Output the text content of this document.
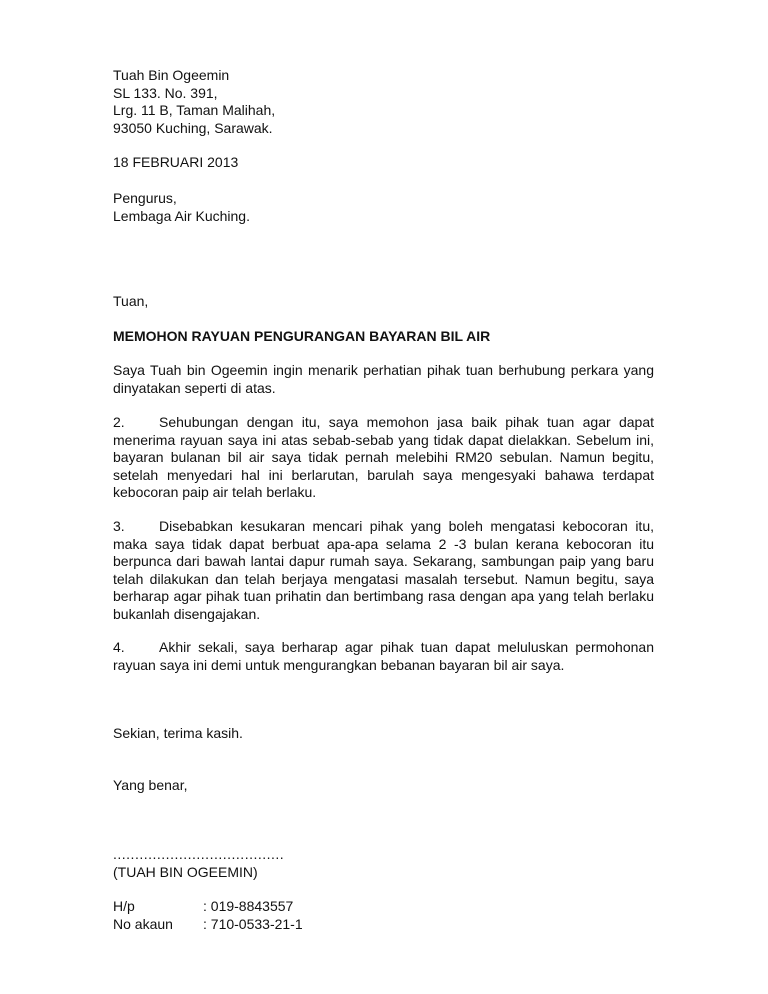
Tuah Bin Ogeemin
SL 133. No. 391,
Lrg. 11 B, Taman Malihah,
93050 Kuching, Sarawak.
18 FEBRUARI 2013
Pengurus,
Lembaga Air Kuching.
Tuan,
MEMOHON RAYUAN PENGURANGAN BAYARAN BIL AIR
Saya Tuah bin Ogeemin ingin menarik perhatian pihak tuan berhubung perkara yang dinyatakan seperti di atas.
2. Sehubungan dengan itu, saya memohon jasa baik pihak tuan agar dapat menerima rayuan saya ini atas sebab-sebab yang tidak dapat dielakkan. Sebelum ini, bayaran bulanan bil air saya tidak pernah melebihi RM20 sebulan. Namun begitu, setelah menyedari hal ini berlarutan, barulah saya mengesyaki bahawa terdapat kebocoran paip air telah berlaku.
3. Disebabkan kesukaran mencari pihak yang boleh mengatasi kebocoran itu, maka saya tidak dapat berbuat apa-apa selama 2 -3 bulan kerana kebocoran itu berpunca dari bawah lantai dapur rumah saya. Sekarang, sambungan paip yang baru telah dilakukan dan telah berjaya mengatasi masalah tersebut. Namun begitu, saya berharap agar pihak tuan prihatin dan bertimbang rasa dengan apa yang telah berlaku bukanlah disengajakan.
4. Akhir sekali, saya berharap agar pihak tuan dapat meluluskan permohonan rayuan saya ini demi untuk mengurangkan bebanan bayaran bil air saya.
Sekian, terima kasih.
Yang benar,
.......................................
(TUAH BIN OGEEMIN)
H/p	: 019-8843557
No akaun	: 710-0533-21-1
